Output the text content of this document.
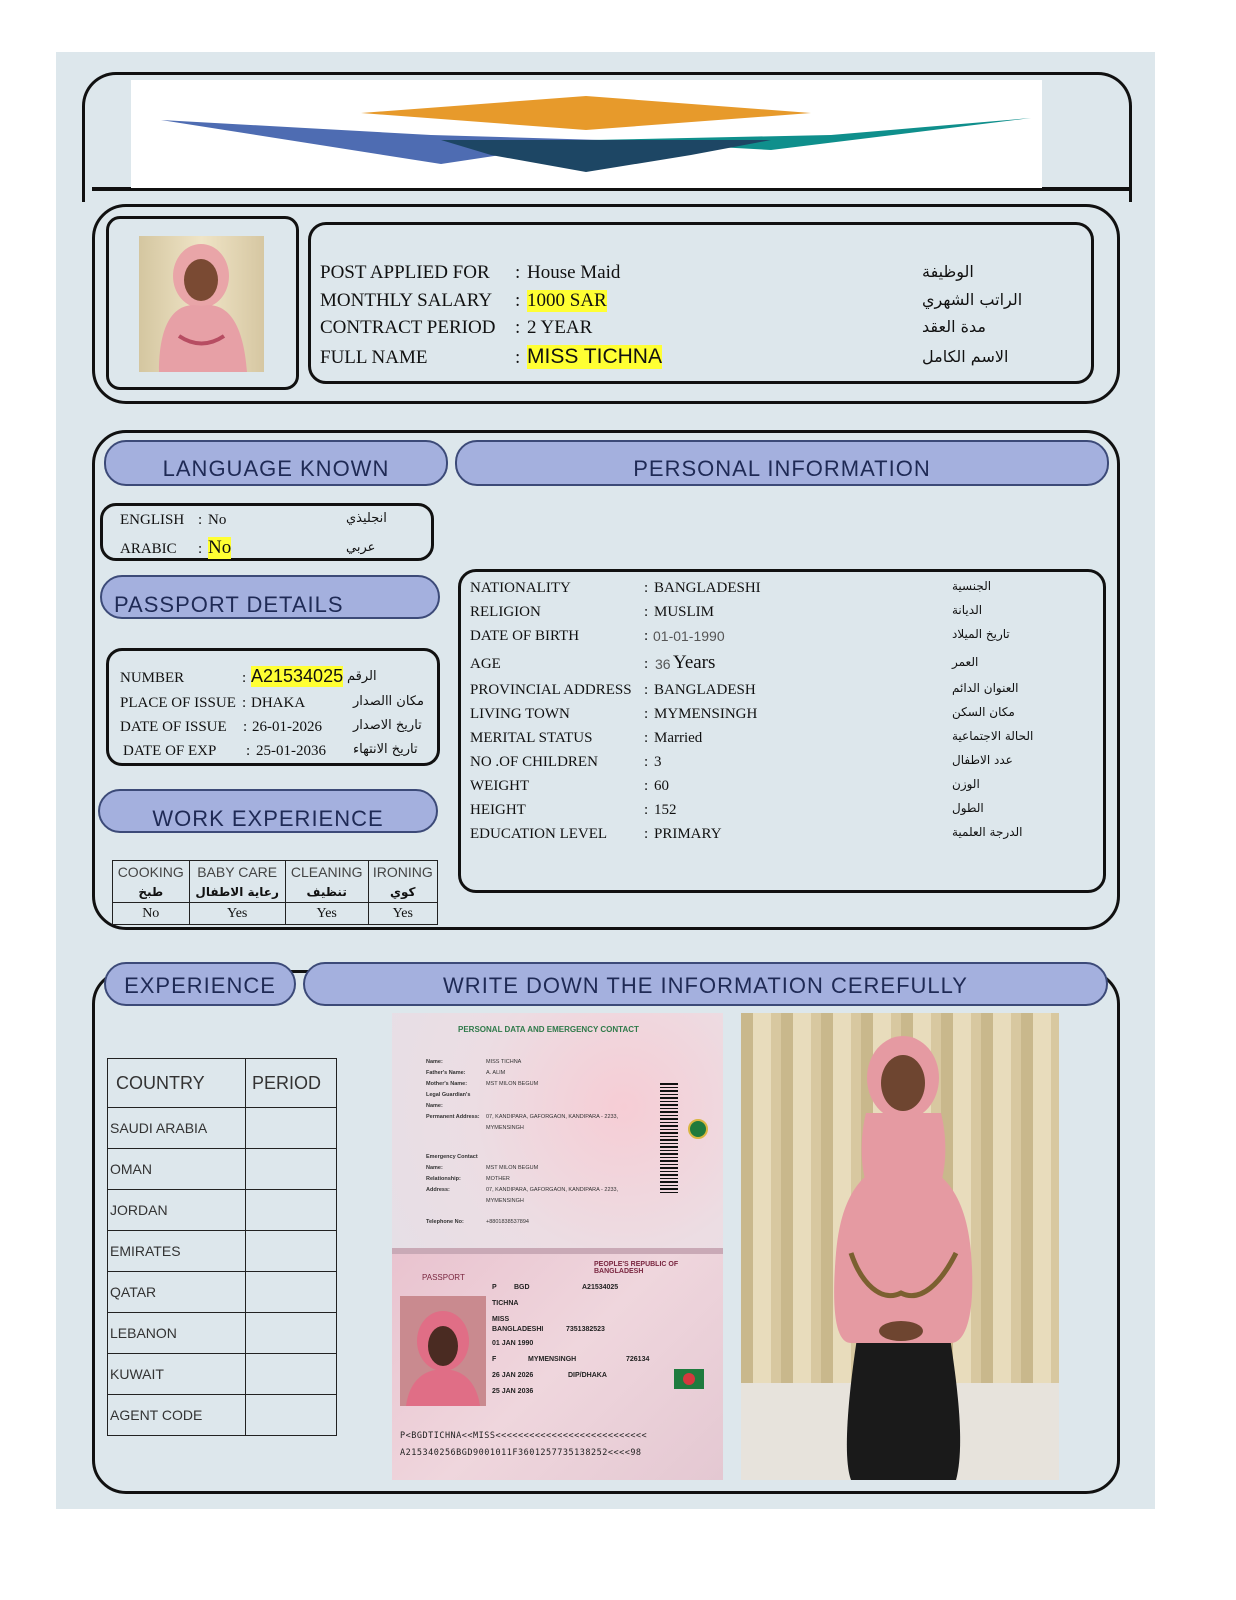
POST APPLIED FOR : House Maid	الوظيفة
MONTHLY SALARY : 1000 SAR	الراتب الشهري
CONTRACT PERIOD : 2 YEAR	مدة العقد
FULL NAME	: MISS TICHNA	الاسم الكامل
LANGUAGE KNOWN	PERSONAL INFORMATION
ENGLISH : No	انجليذي
ARABIC : No	عربي
PASSPORT DETAILS
NUMBER	: A21534025 الرقم
PLACE OF ISSUE : DHAKA	مكان االصدار
DATE OF ISSUE : 26-01-2026 تاريخ الاصدار
DATE OF EXP : 25-01-2036 تاريخ الانتهاء
WORK EXPERIENCE
COOKING	BABY CARE	CLEANING	IRONING
طبخ	رعاية الاطفال	تنظيف	كوي
No	Yes	Yes	Yes
NATIONALITY	: BANGLADESHI	الجنسية
RELIGION	: MUSLIM	الديانة
DATE OF BIRTH	: 01-01-1990	تاريخ الميلاد
AGE	: 36 Years	العمر
PROVINCIAL ADDRESS : BANGLADESH	العنوان الدائم
LIVING TOWN	: MYMENSINGH	مكان السكن
MERITAL STATUS	: Married	الحالة الاجتماعية
NO .OF CHILDREN	: 3	عدد الاطفال
WEIGHT	: 60	الوزن
HEIGHT	: 152	الطول
EDUCATION LEVEL : PRIMARY	الدرجة العلمية
EXPERIENCE	WRITE DOWN THE INFORMATION CEREFULLY
COUNTRY	PERIOD
SAUDI ARABIA	
OMAN	
JORDAN	
EMIRATES	
QATAR	
LEBANON	
KUWAIT	
AGENT CODE	
PERSONAL DATA AND EMERGENCY CONTACT
Name:	MISS TICHNA
Father's Name:	A. ALIM
Mother's Name:	MST MILON BEGUM
Legal Guardian's Name:
Permanent Address: 07, KANDIPARA, GAFORGAON, KANDIPARA - 2233, MYMENSINGH
Emergency Contact Name:	MST MILON BEGUM
Relationship:	MOTHER
Address:	07, KANDIPARA, GAFORGAON, KANDIPARA - 2233, MYMENSINGH
Telephone No:	+8801838537894
PEOPLE'S REPUBLIC OF BANGLADESH
PASSPORT
P BGD	A21534025
TICHNA
MISS
BANGLADESHI	7351382523
01 JAN 1990
F	MYMENSINGH	726134
26 JAN 2026	DIP/DHAKA
25 JAN 2036
P<BGDTICHNA<<MISS<<<<<<<<<<<<<<<<<<<<<<<<<<<
A215340256BGD9001011F3601257735138252<<<<98
